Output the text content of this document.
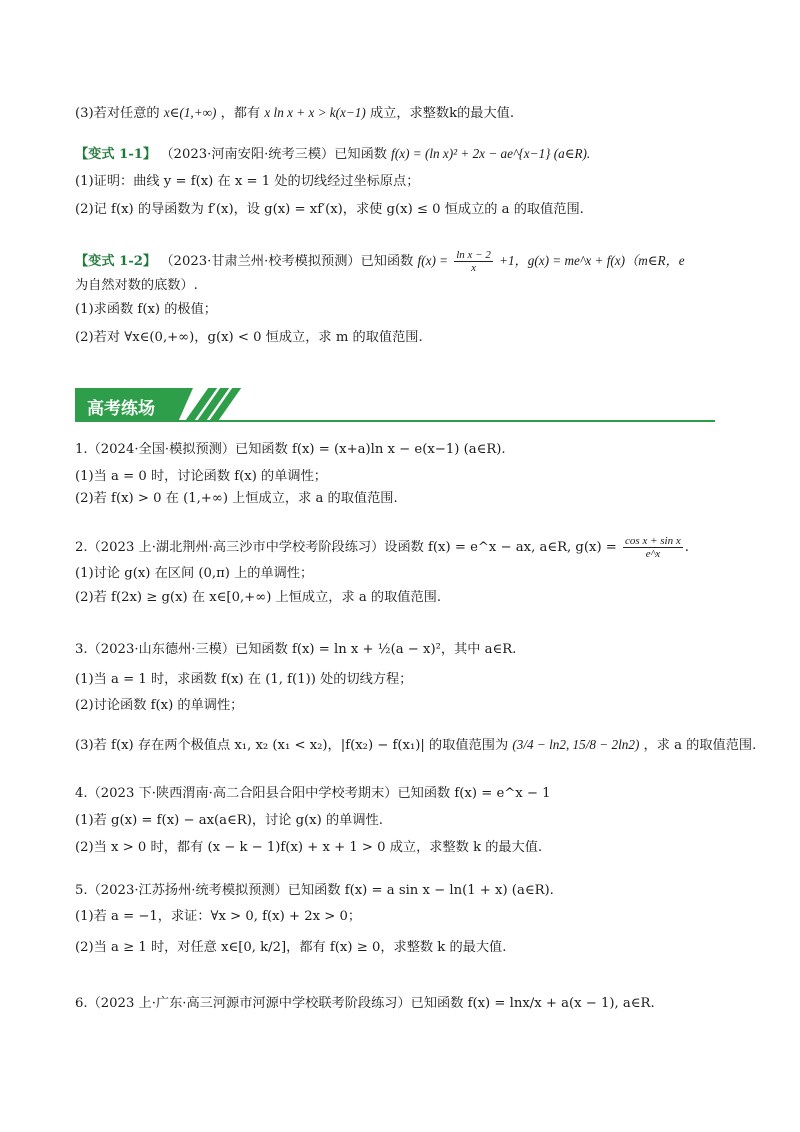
(3)若对任意的 x∈(1,+∞) ，都有 x ln x + x > k(x−1) 成立，求整数k的最大值.
【变式 1-1】 （2023·河南安阳·统考三模）已知函数 f(x) = (ln x)² + 2x − ae^{x−1} (a∈R).
(1)证明：曲线 y = f(x) 在 x = 1 处的切线经过坐标原点；
(2)记 f(x) 的导函数为 f′(x)，设 g(x) = xf′(x)，求使 g(x) ≤ 0 恒成立的 a 的取值范围.
【变式 1-2】 （2023·甘肃兰州·校考模拟预测）已知函数 $f(x) = \frac{\text{ln x − 2}}{x} +1$，g(x) = me^x + f(x)（m∈R，e
为自然对数的底数）.
(1)求函数 f(x) 的极值；
(2)若对 ∀x∈(0,+∞)，g(x) < 0 恒成立，求 m 的取值范围.
高考练场
1.（2024·全国·模拟预测）已知函数 f(x) = (x+a)ln x − e(x−1) (a∈R).
(1)当 a = 0 时，讨论函数 f(x) 的单调性；
(2)若 f(x) > 0 在 (1,+∞) 上恒成立，求 a 的取值范围.
2.（2023 上·湖北荆州·高三沙市中学校考阶段练习）设函数 f(x) = e^x − ax, a∈R, $g(x) = \frac{\text{cos x + sin x}}{e\^{}x}$ .
(1)讨论 g(x) 在区间 (0,π) 上的单调性；
(2)若 f(2x) ≥ g(x) 在 x∈[0,+∞) 上恒成立，求 a 的取值范围.
3.（2023·山东德州·三模）已知函数 f(x) = ln x + ½(a − x)²，其中 a∈R.
(1)当 a = 1 时，求函数 f(x) 在 (1, f(1)) 处的切线方程；
(2)讨论函数 f(x) 的单调性；
(3)若 f(x) 存在两个极值点 x₁, x₂ (x₁ < x₂)，|f(x₂) − f(x₁)| 的取值范围为 (3/4 − ln2, 15/8 − 2ln2) ，求 a 的取值范围.
4.（2023 下·陕西渭南·高二合阳县合阳中学校考期末）已知函数 f(x) = e^x − 1
(1)若 g(x) = f(x) − ax(a∈R)，讨论 g(x) 的单调性.
(2)当 x > 0 时，都有 (x − k − 1)f(x) + x + 1 > 0 成立，求整数 k 的最大值.
5.（2023·江苏扬州·统考模拟预测）已知函数 f(x) = a sin x − ln(1 + x) (a∈R).
(1)若 a = −1，求证：∀x > 0, f(x) + 2x > 0；
(2)当 a ≥ 1 时，对任意 x∈[0, k/2]，都有 f(x) ≥ 0，求整数 k 的最大值.
6.（2023 上·广东·高三河源市河源中学校联考阶段练习）已知函数 f(x) = lnx/x + a(x − 1), a∈R.
